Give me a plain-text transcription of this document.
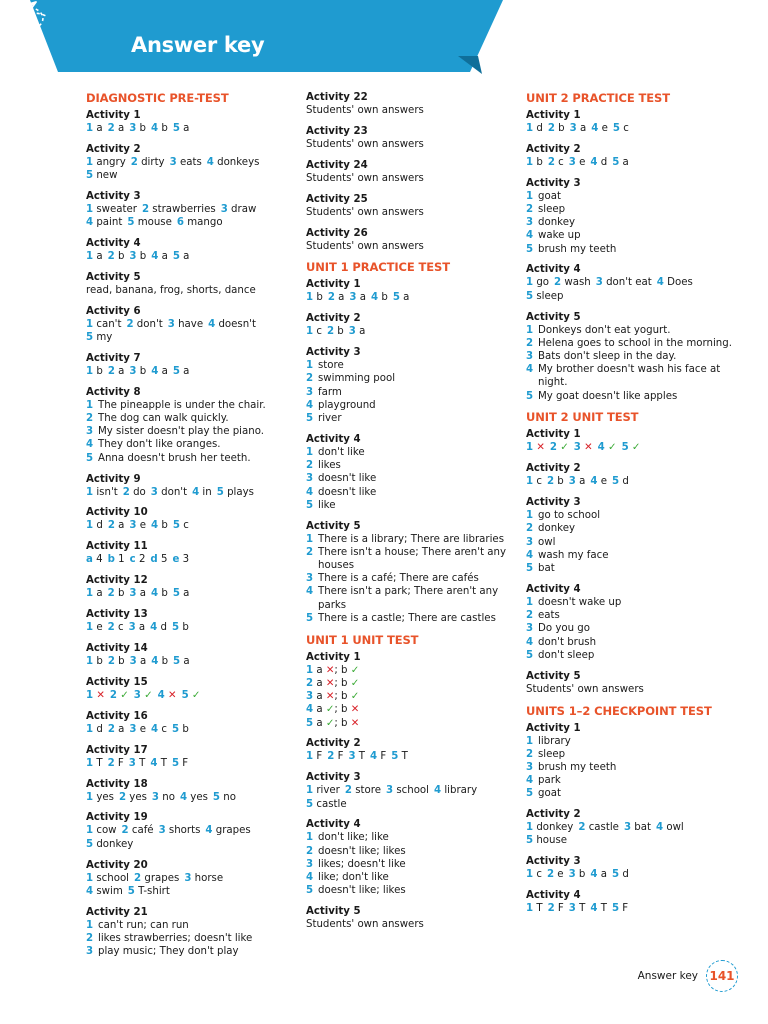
Answer key
DIAGNOSTIC PRE-TEST
Activity 1
1 a 2 a 3 b 4 b 5 a
Activity 2
1 angry 2 dirty 3 eats 4 donkeys
5 new
Activity 3
1 sweater 2 strawberries 3 draw
4 paint 5 mouse 6 mango
Activity 4
1 a 2 b 3 b 4 a 5 a
Activity 5
read, banana, frog, shorts, dance
Activity 6
1 can't 2 don't 3 have 4 doesn't
5 my
Activity 7
1 b 2 a 3 b 4 a 5 a
Activity 8
1 The pineapple is under the chair.
2 The dog can walk quickly.
3 My sister doesn't play the piano.
4 They don't like oranges.
5 Anna doesn't brush her teeth.
Activity 9
1 isn't 2 do 3 don't 4 in 5 plays
Activity 10
1 d 2 a 3 e 4 b 5 c
Activity 11
a 4 b 1 c 2 d 5 e 3
Activity 12
1 a 2 b 3 a 4 b 5 a
Activity 13
1 e 2 c 3 a 4 d 5 b
Activity 14
1 b 2 b 3 a 4 b 5 a
Activity 15
1 ✕ 2 ✓ 3 ✓ 4 ✕ 5 ✓
Activity 16
1 d 2 a 3 e 4 c 5 b
Activity 17
1 T 2 F 3 T 4 T 5 F
Activity 18
1 yes 2 yes 3 no 4 yes 5 no
Activity 19
1 cow 2 café 3 shorts 4 grapes
5 donkey
Activity 20
1 school 2 grapes 3 horse
4 swim 5 T-shirt
Activity 21
1 can't run; can run
2 likes strawberries; doesn't like
3 play music; They don't play
Activity 22
Students' own answers
Activity 23
Students' own answers
Activity 24
Students' own answers
Activity 25
Students' own answers
Activity 26
Students' own answers
UNIT 1 PRACTICE TEST
Activity 1
1 b 2 a 3 a 4 b 5 a
Activity 2
1 c 2 b 3 a
Activity 3
1 store
2 swimming pool
3 farm
4 playground
5 river
Activity 4
1 don't like
2 likes
3 doesn't like
4 doesn't like
5 like
Activity 5
1 There is a library; There are libraries
2 There isn't a house; There aren't any houses
3 There is a café; There are cafés
4 There isn't a park; There aren't any parks
5 There is a castle; There are castles
UNIT 1 UNIT TEST
Activity 1
1 a ✕; b ✓
2 a ✕; b ✓
3 a ✕; b ✓
4 a ✓; b ✕
5 a ✓; b ✕
Activity 2
1 F 2 F 3 T 4 F 5 T
Activity 3
1 river 2 store 3 school 4 library
5 castle
Activity 4
1 don't like; like
2 doesn't like; likes
3 likes; doesn't like
4 like; don't like
5 doesn't like; likes
Activity 5
Students' own answers
UNIT 2 PRACTICE TEST
Activity 1
1 d 2 b 3 a 4 e 5 c
Activity 2
1 b 2 c 3 e 4 d 5 a
Activity 3
1 goat
2 sleep
3 donkey
4 wake up
5 brush my teeth
Activity 4
1 go 2 wash 3 don't eat 4 Does
5 sleep
Activity 5
1 Donkeys don't eat yogurt.
2 Helena goes to school in the morning.
3 Bats don't sleep in the day.
4 My brother doesn't wash his face at night.
5 My goat doesn't like apples
UNIT 2 UNIT TEST
Activity 1
1 ✕ 2 ✓ 3 ✕ 4 ✓ 5 ✓
Activity 2
1 c 2 b 3 a 4 e 5 d
Activity 3
1 go to school
2 donkey
3 owl
4 wash my face
5 bat
Activity 4
1 doesn't wake up
2 eats
3 Do you go
4 don't brush
5 don't sleep
Activity 5
Students' own answers
UNITS 1–2 CHECKPOINT TEST
Activity 1
1 library
2 sleep
3 brush my teeth
4 park
5 goat
Activity 2
1 donkey 2 castle 3 bat 4 owl
5 house
Activity 3
1 c 2 e 3 b 4 a 5 d
Activity 4
1 T 2 F 3 T 4 T 5 F
Answer key 141
